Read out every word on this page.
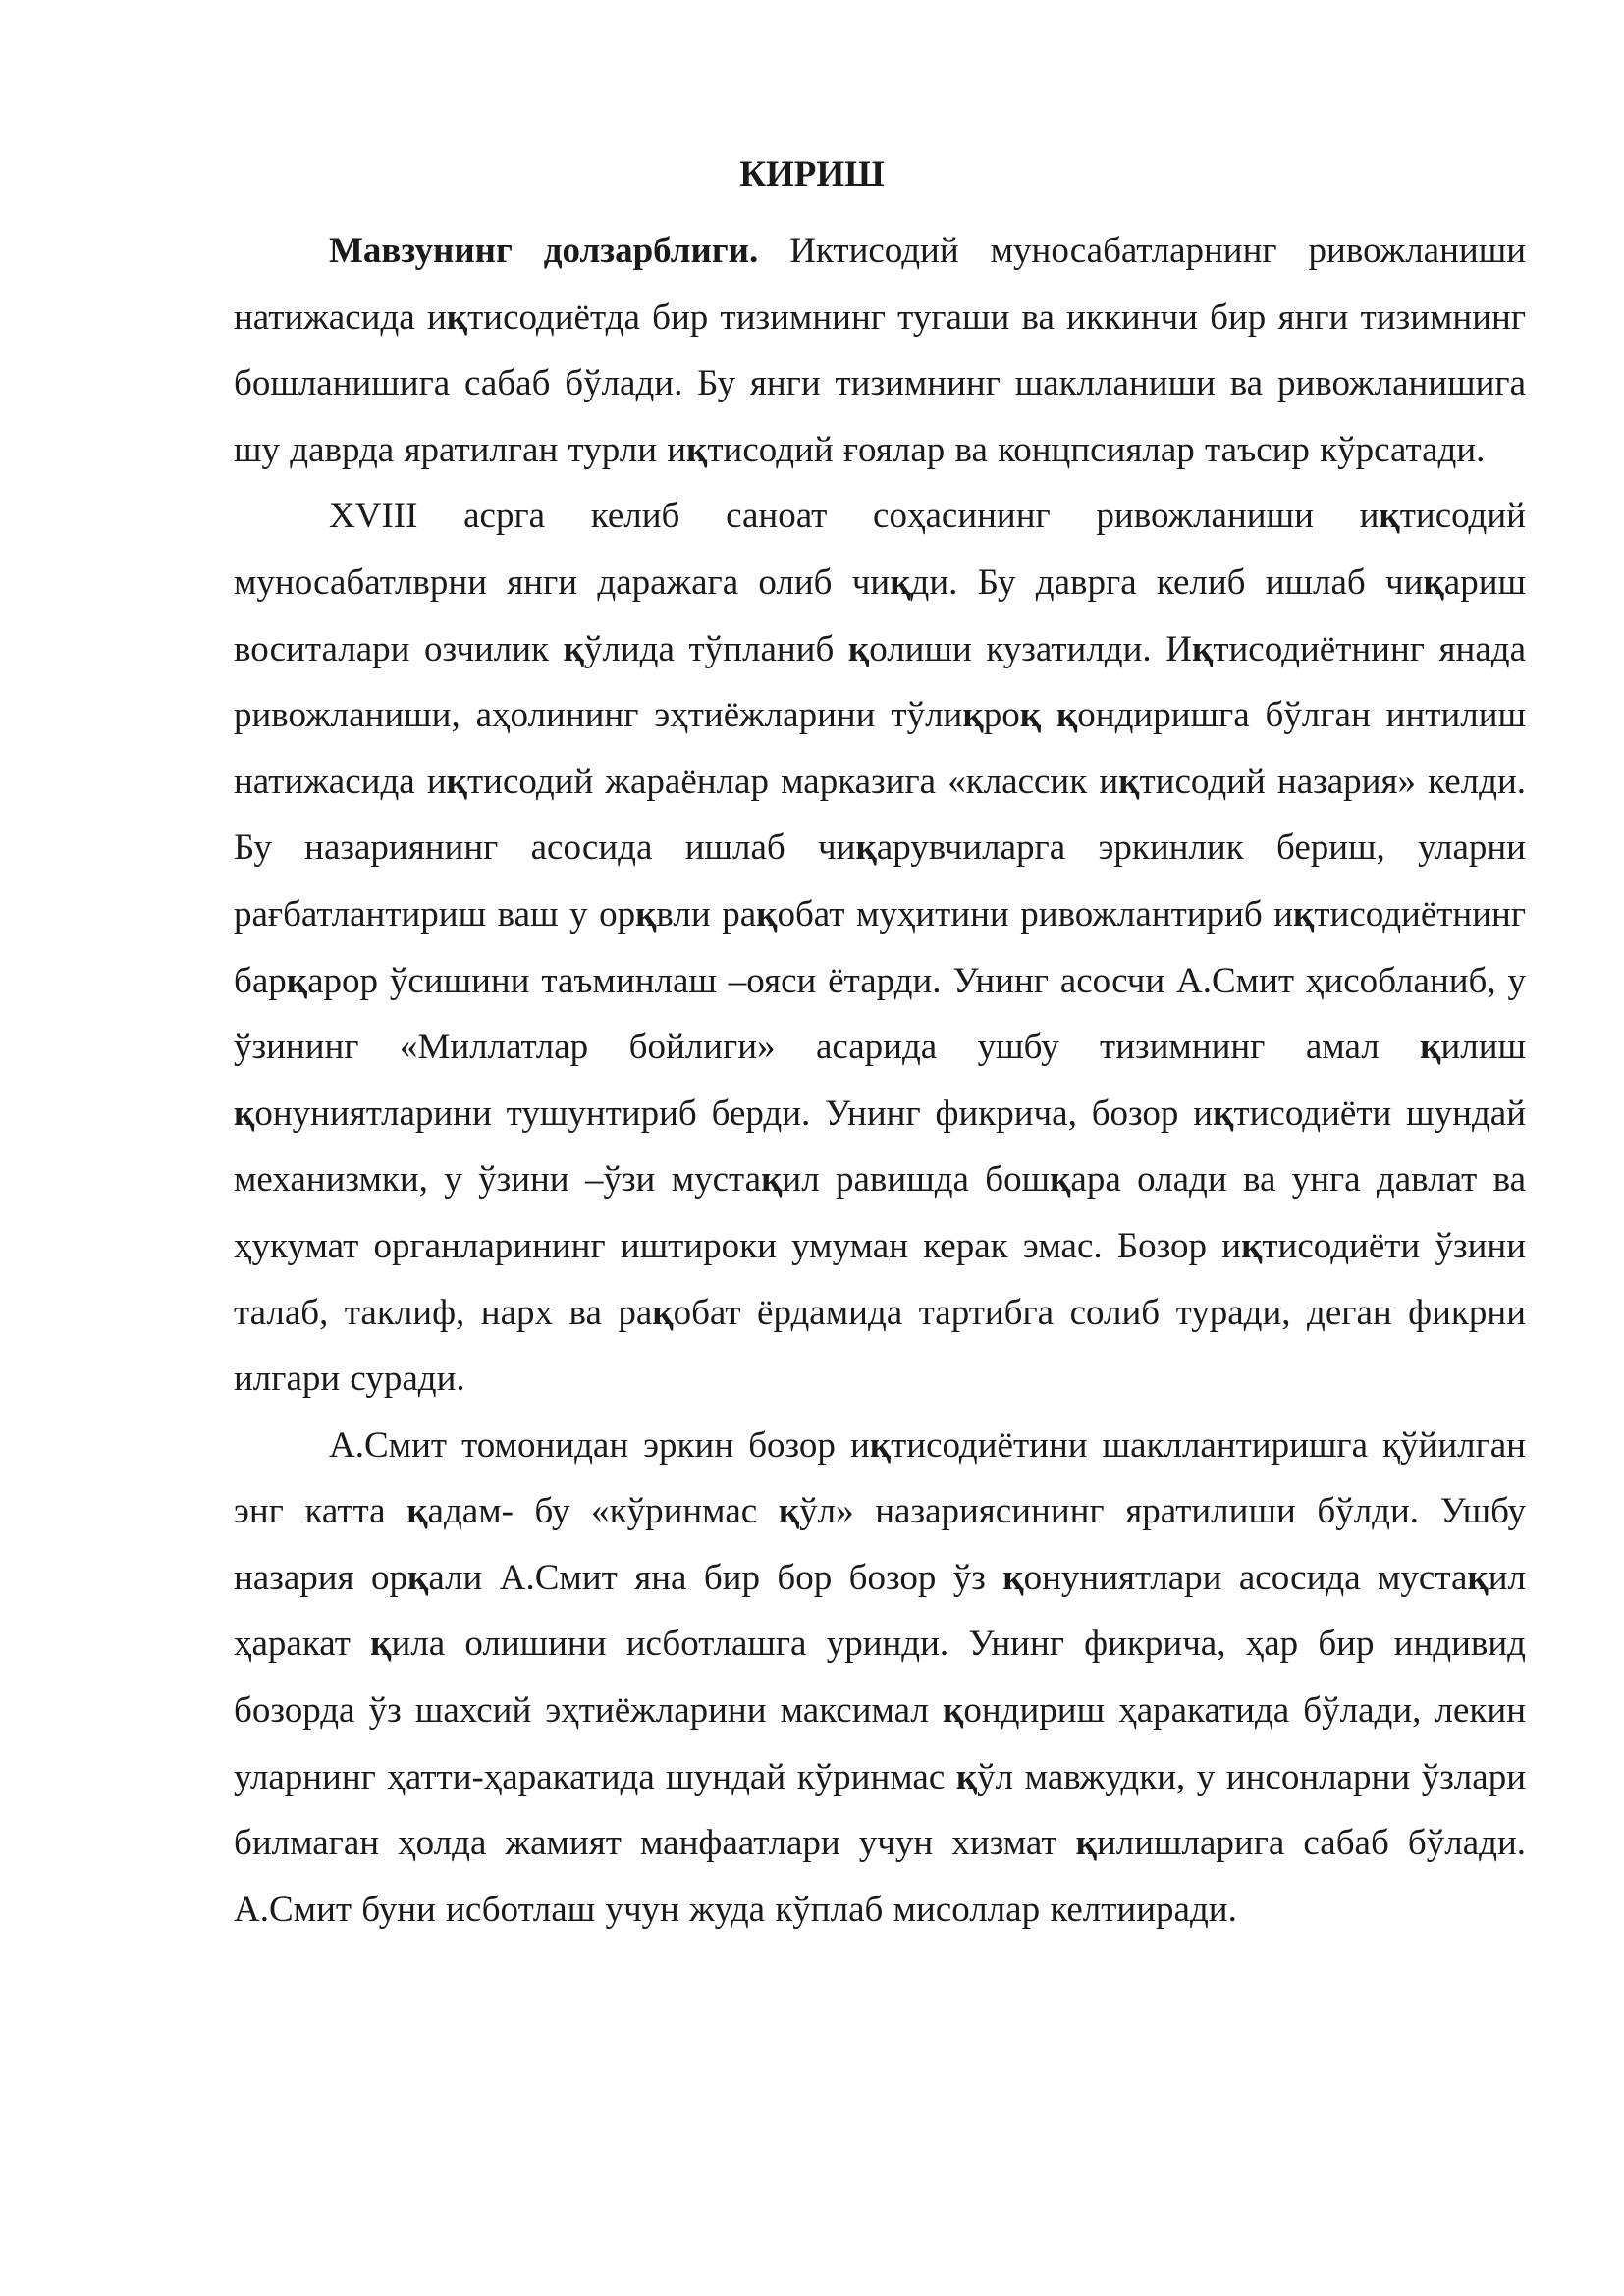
КИРИШ

Мавзунинг долзарблиги. Иктисодий муносабатларнинг ривожланиши натижасида иқтисодиётда бир тизимнинг тугаши ва иккинчи бир янги тизимнинг бошланишига сабаб бўлади. Бу янги тизимнинг шаклланиши ва ривожланишига шу даврда яратилган турли иқтисодий ғоялар ва концпсиялар таъсир кўрсатади.

XVIII асрга келиб саноат соҳасининг ривожланиши иқтисодий муносабатлврни янги даражага олиб чиқди. Бу даврга келиб ишлаб чиқариш воситалари озчилик қўлида тўпланиб қолиши кузатилди. Иқтисодиётнинг янада ривожланиши, аҳолининг эҳтиёжларини тўлиқроқ қондиришга бўлган интилиш натижасида иқтисодий жараёнлар марказига «классик иқтисодий назария» келди. Бу назариянинг асосида ишлаб чиқарувчиларга эркинлик бериш, уларни рағбатлантириш ваш у орқвли рақобат муҳитини ривожлантириб иқтисодиётнинг барқарор ўсишини таъминлаш –ояси ётарди. Унинг асосчи А.Смит ҳисобланиб, у ўзининг «Миллатлар бойлиги» асарида ушбу тизимнинг амал қилиш қонуниятларини тушунтириб берди. Унинг фикрича, бозор иқтисодиёти шундай механизмки, у ўзини –ўзи мустақил равишда бошқара олади ва унга давлат ва ҳукумат органларининг иштироки умуман керак эмас. Бозор иқтисодиёти ўзини талаб, таклиф, нарх ва рақобат ёрдамида тартибга солиб туради, деган фикрни илгари суради.

А.Смит томонидан эркин бозор иқтисодиётини шакллантиришга қўйилган энг катта қадам- бу «кўринмас қўл» назариясининг яратилиши бўлди. Ушбу назария орқали А.Смит яна бир бор бозор ўз қонуниятлари асосида мустақил ҳаракат қила олишини исботлашга уринди. Унинг фикрича, ҳар бир индивид бозорда ўз шахсий эҳтиёжларини максимал қондириш ҳаракатида бўлади, лекин уларнинг ҳатти-ҳаракатида шундай кўринмас қўл мавжудки, у инсонларни ўзлари билмаган ҳолда жамият манфаатлари учун хизмат қилишларига сабаб бўлади. А.Смит буни исботлаш учун жуда кўплаб мисоллар келтииради.
